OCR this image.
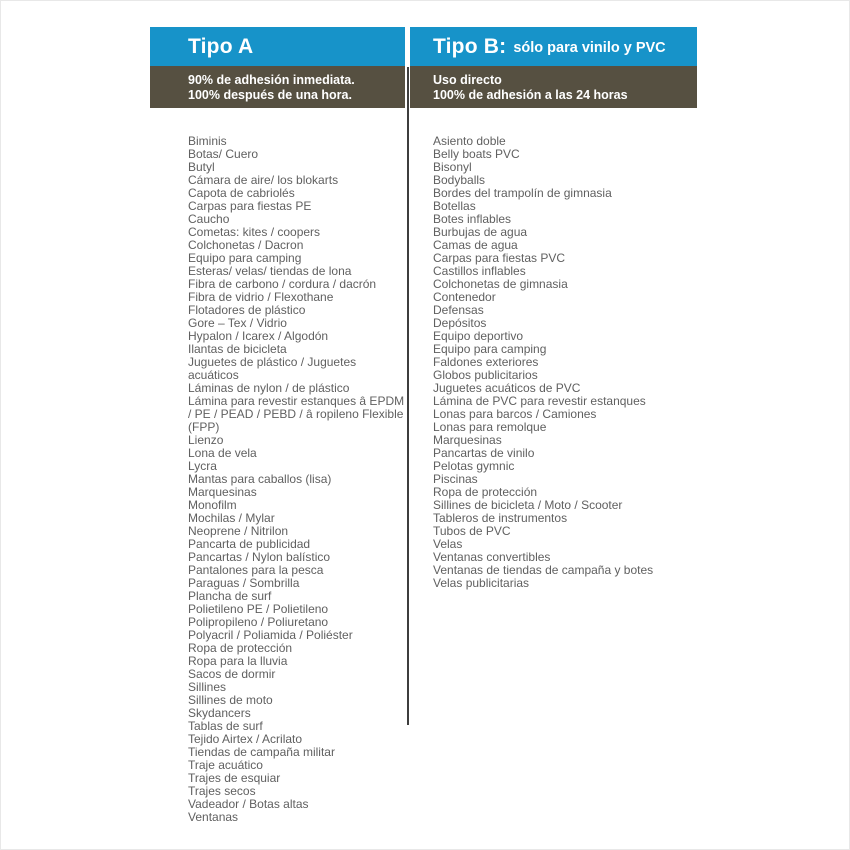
Tipo A
90% de adhesión inmediata.
100% después de una hora.
Biminis
Botas/ Cuero
Butyl
Cámara de aire/ los blokarts
Capota de cabriolés
Carpas para fiestas PE
Caucho
Cometas: kites / coopers
Colchonetas / Dacron
Equipo para camping
Esteras/ velas/ tiendas de lona
Fibra de carbono / cordura / dacrón
Fibra de vidrio / Flexothane
Flotadores de plástico
Gore – Tex / Vidrio
Hypalon / Icarex / Algodón
Ilantas de bicicleta
Juguetes de plástico / Juguetes acuáticos
Láminas de nylon / de plástico
Lámina para revestir estanques â EPDM / PE / PEAD / PEBD / â ropileno Flexible (FPP)
Lienzo
Lona de vela
Lycra
Mantas para caballos (lisa)
Marquesinas
Monofilm
Mochilas / Mylar
Neoprene / Nitrilon
Pancarta de publicidad
Pancartas / Nylon balístico
Pantalones para la pesca
Paraguas / Sombrilla
Plancha de surf
Polietileno PE / Polietileno
Polipropileno / Poliuretano
Polyacril / Poliamida / Poliéster
Ropa de protección
Ropa para la lluvia
Sacos de dormir
Sillines
Sillines de moto
Skydancers
Tablas de surf
Tejido Airtex / Acrilato
Tiendas de campaña militar
Traje acuático
Trajes de esquiar
Trajes secos
Vadeador / Botas altas
Ventanas
Tipo B: sólo para vinilo y PVC
Uso directo
100% de adhesión a las 24 horas
Asiento doble
Belly boats PVC
Bisonyl
Bodyballs
Bordes del trampolín de gimnasia
Botellas
Botes inflables
Burbujas de agua
Camas de agua
Carpas para fiestas PVC
Castillos inflables
Colchonetas de gimnasia
Contenedor
Defensas
Depósitos
Equipo deportivo
Equipo para camping
Faldones exteriores
Globos publicitarios
Juguetes acuáticos de PVC
Lámina de PVC para revestir estanques
Lonas para barcos / Camiones
Lonas para remolque
Marquesinas
Pancartas de vinilo
Pelotas gymnic
Piscinas
Ropa de protección
Sillines de bicicleta / Moto / Scooter
Tableros de instrumentos
Tubos de PVC
Velas
Ventanas convertibles
Ventanas de tiendas de campaña y botes
Velas publicitarias
